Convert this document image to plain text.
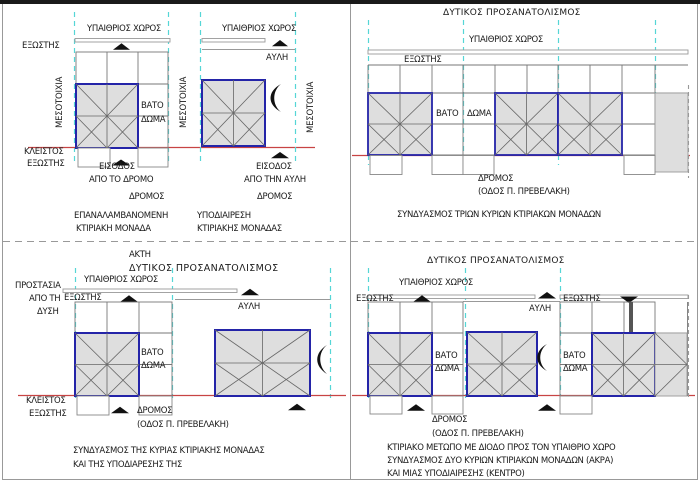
ΥΠΑΙΘΡΙΟΣ ΧΩΡΟΣ
ΕΞΩΣΤΗΣ
ΜΕΣΟΤΟΙΧΙΑ	ΜΕΣΟΤΟΙΧΙΑ
ΒΑΤΟ
ΔΩΜΑ
ΚΛΕΙΣΤΟΣ
ΕΞΩΣΤΗΣ	ΕΙΣΟΔΟΣ
ΑΠΟ ΤΟ ΔΡΟΜΟ
ΔΡΟΜΟΣ
ΕΠΑΝΑΛΑΜΒΑΝΟΜΕΝΗ
ΚΤΙΡΙΑΚΗ ΜΟΝΑΔΑ
ΥΠΑΙΘΡΙΟΣ ΧΩΡΟΣ
ΑΥΛΗ
ΜΕΣΟΤΟΙΧΙΑ
ΕΙΣΟΔΟΣ
ΑΠΟ ΤΗΝ ΑΥΛΗ
ΔΡΟΜΟΣ
ΥΠΟΔΙΑΙΡΕΣΗ
ΚΤΙΡΙΑΚΗΣ ΜΟΝΑΔΑΣ
ΔΥΤΙΚΟΣ ΠΡΟΣΑΝΑΤΟΛΙΣΜΟΣ
ΥΠΑΙΘΡΙΟΣ ΧΩΡΟΣ
ΕΞΩΣΤΗΣ
ΒΑΤΟ ΔΩΜΑ
ΔΡΟΜΟΣ
(ΟΔΟΣ Π. ΠΡΕΒΕΛΑΚΗ)
ΣΥΝΔΥΑΣΜΟΣ ΤΡΙΩΝ ΚΥΡΙΩΝ ΚΤΙΡΙΑΚΩΝ ΜΟΝΑΔΩΝ
ΑΚΤΗ
ΔΥΤΙΚΟΣ ΠΡΟΣΑΝΑΤΟΛΙΣΜΟΣ
ΠΡΟΣΤΑΣΙΑ
ΑΠΟ ΤΗ
ΔΥΣΗ
ΥΠΑΙΘΡΙΟΣ ΧΩΡΟΣ
ΕΞΩΣΤΗΣ
ΑΥΛΗ
ΒΑΤΟ
ΔΩΜΑ
ΚΛΕΙΣΤΟΣ
ΕΞΩΣΤΗΣ	ΔΡΟΜΟΣ
(ΟΔΟΣ Π. ΠΡΕΒΕΛΑΚΗ)
ΣΥΝΔΥΑΣΜΟΣ ΤΗΣ ΚΥΡΙΑΣ ΚΤΙΡΙΑΚΗΣ ΜΟΝΑΔΑΣ
ΚΑΙ ΤΗΣ ΥΠΟΔΙΑΡΕΣΗΣ ΤΗΣ
ΔΥΤΙΚΟΣ ΠΡΟΣΑΝΑΤΟΛΙΣΜΟΣ
ΥΠΑΙΘΡΙΟΣ ΧΩΡΟΣ
ΕΞΩΣΤΗΣ	ΕΞΩΣΤΗΣ
ΑΥΛΗ
ΒΑΤΟ
ΔΩΜΑ
ΒΑΤΟ
ΔΩΜΑ
ΔΡΟΜΟΣ
(ΟΔΟΣ Π. ΠΡΕΒΕΛΑΚΗ)
ΚΤΙΡΙΑΚΟ ΜΕΤΩΠΟ ΜΕ ΔΙΟΔΟ ΠΡΟΣ ΤΟΝ ΥΠΑΙΘΡΙΟ ΧΩΡΟ
ΣΥΝΔΥΑΣΜΟΣ ΔΥΟ ΚΥΡΙΩΝ ΚΤΙΡΙΑΚΩΝ ΜΟΝΑΔΩΝ (ΑΚΡΑ)
ΚΑΙ ΜΙΑΣ ΥΠΟΔΙΑΙΡΕΣΗΣ (ΚΕΝΤΡΟ)
